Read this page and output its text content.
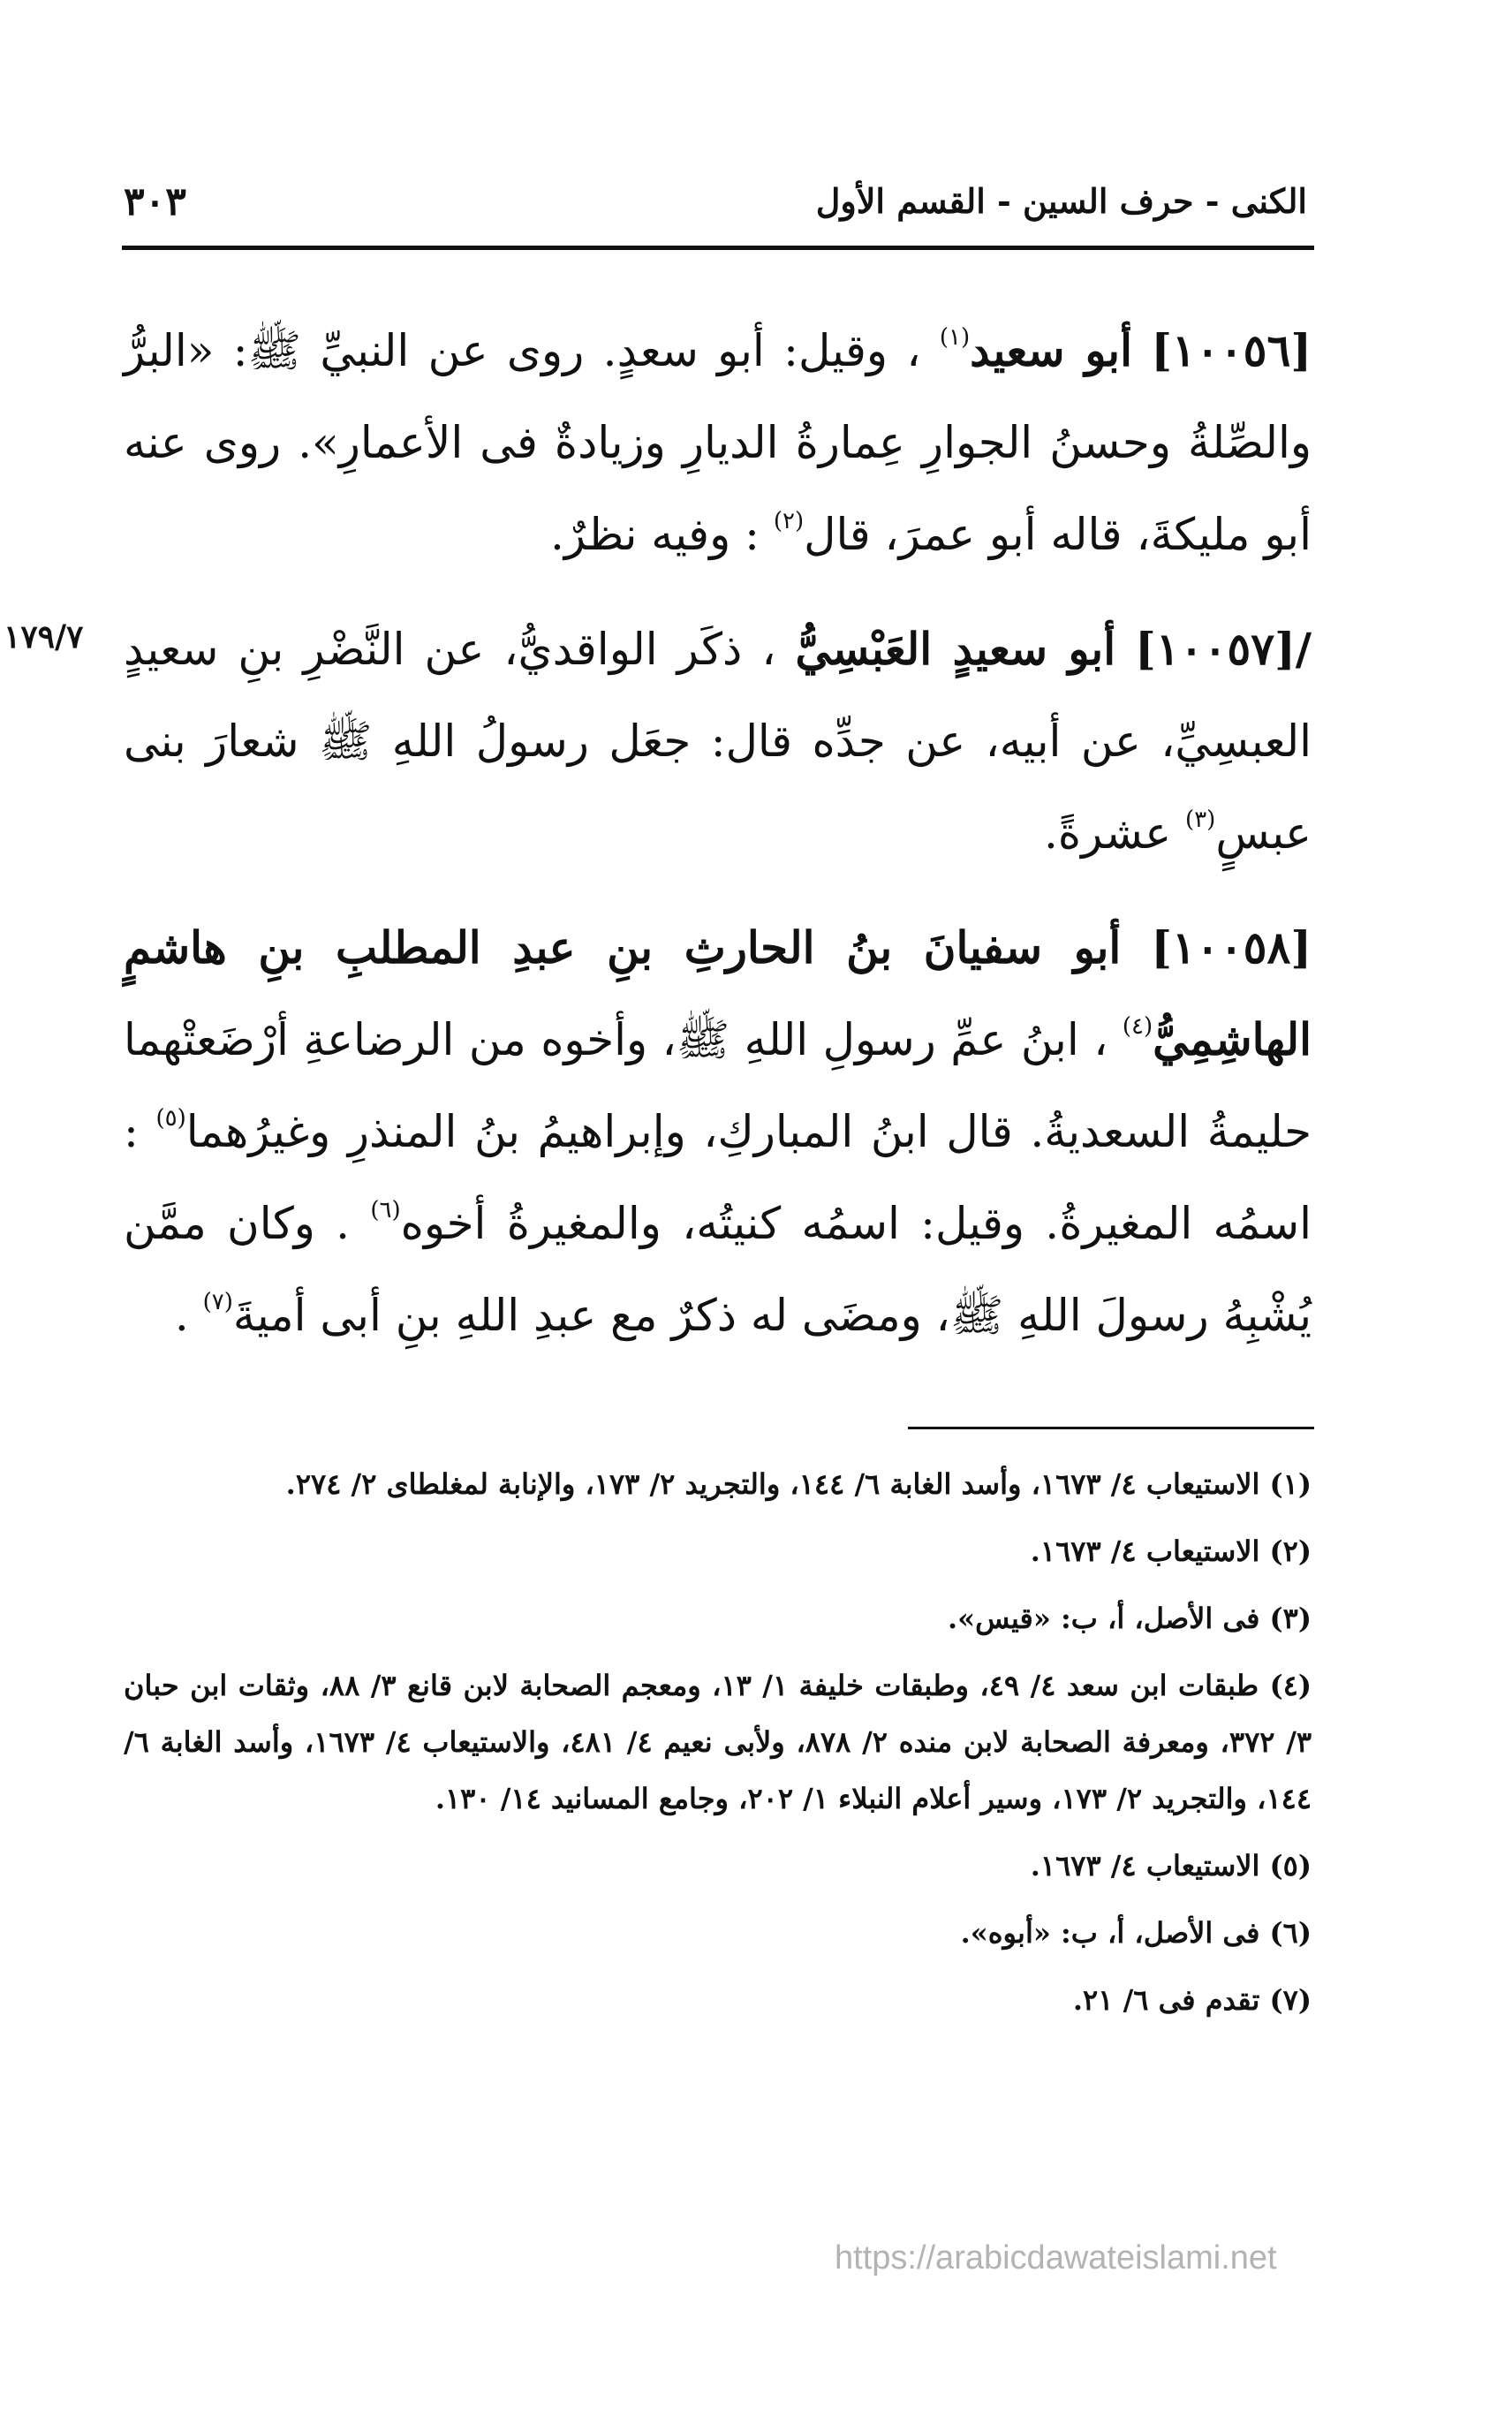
٣٠٣	الكنى - حرف السين - القسم الأول
١٧٩/٧

[١٠٠٥٦] أبو سعيد$^{(١)}$ ، وقيل: أبو سعدٍ. روى عن النبيِّ ﷺ: «البرُّ والصِّلةُ وحسنُ الجوارِ عِمارةُ الديارِ وزيادةٌ فى الأعمارِ». روى عنه أبو مليكةَ، قاله أبو عمرَ، قال$^{(٢)}$ : وفيه نظرٌ.

/[١٠٠٥٧] أبو سعيدٍ العَبْسِيُّ ، ذكَر الواقديُّ، عن النَّضْرِ بنِ سعيدٍ العبسِيِّ، عن أبيه، عن جدِّه قال: جعَل رسولُ اللهِ ﷺ شعارَ بنى عبسٍ$^{(٣)}$ عشرةً.

[١٠٠٥٨] أبو سفيانَ بنُ الحارثِ بنِ عبدِ المطلبِ بنِ هاشمٍ الهاشِمِيُّ$^{(٤)}$ ، ابنُ عمِّ رسولِ اللهِ ﷺ، وأخوه من الرضاعةِ أرْضَعتْهما حليمةُ السعديةُ. قال ابنُ المباركِ، وإبراهيمُ بنُ المنذرِ وغيرُهما$^{(٥)}$ : اسمُه المغيرةُ. وقيل: اسمُه كنيتُه، والمغيرةُ أخوه$^{(٦)}$ . وكان ممَّن يُشْبِهُ رسولَ اللهِ ﷺ، ومضَى له ذكرٌ مع عبدِ اللهِ بنِ أبى أميةَ$^{(٧)}$ .

(١) الاستيعاب ٤/ ١٦٧٣، وأسد الغابة ٦/ ١٤٤، والتجريد ٢/ ١٧٣، والإنابة لمغلطاى ٢/ ٢٧٤.

(٢) الاستيعاب ٤/ ١٦٧٣.

(٣) فى الأصل، أ، ب: «قيس».

(٤) طبقات ابن سعد ٤/ ٤٩، وطبقات خليفة ١/ ١٣، ومعجم الصحابة لابن قانع ٣/ ٨٨، وثقات ابن حبان ٣/ ٣٧٢، ومعرفة الصحابة لابن منده ٢/ ٨٧٨، ولأبى نعيم ٤/ ٤٨١، والاستيعاب ٤/ ١٦٧٣، وأسد الغابة ٦/ ١٤٤، والتجريد ٢/ ١٧٣، وسير أعلام النبلاء ١/ ٢٠٢، وجامع المسانيد ١٤/ ١٣٠.

(٥) الاستيعاب ٤/ ١٦٧٣.

(٦) فى الأصل، أ، ب: «أبوه».

(٧) تقدم فى ٦/ ٢١.

https://arabicdawateislami.net
